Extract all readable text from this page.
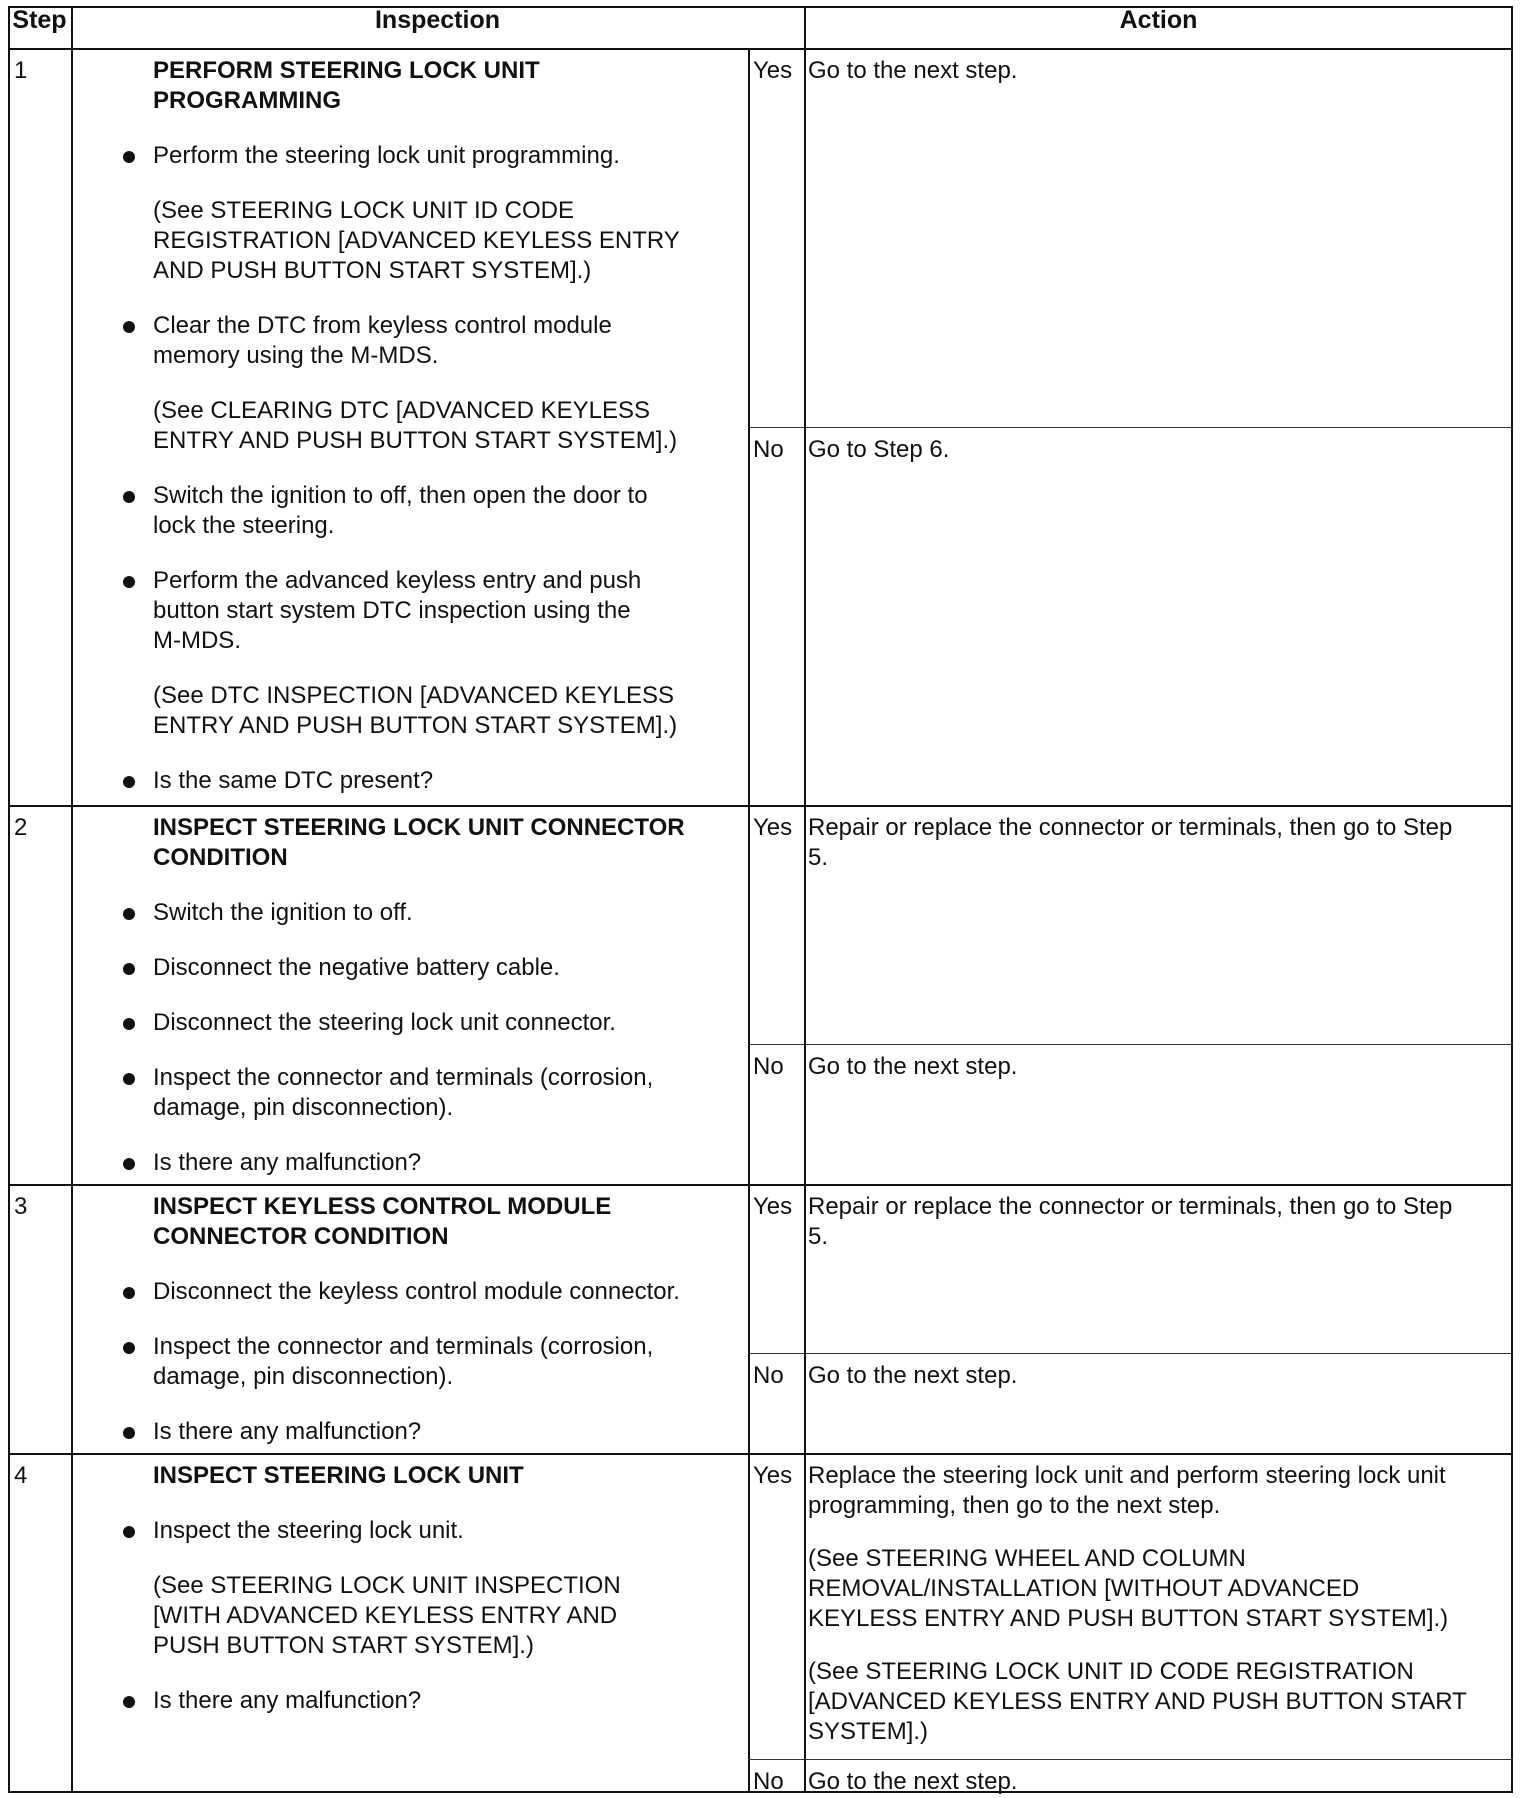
Step	Inspection	Action
1	PERFORM STEERING LOCK UNIT
PROGRAMMING
Perform the steering lock unit programming.
(See STEERING LOCK UNIT ID CODE
REGISTRATION [ADVANCED KEYLESS ENTRY
AND PUSH BUTTON START SYSTEM].)
Clear the DTC from keyless control module
memory using the M-MDS.
(See CLEARING DTC [ADVANCED KEYLESS
ENTRY AND PUSH BUTTON START SYSTEM].)
Switch the ignition to off, then open the door to
lock the steering.
Perform the advanced keyless entry and push
button start system DTC inspection using the
M-MDS.
(See DTC INSPECTION [ADVANCED KEYLESS
ENTRY AND PUSH BUTTON START SYSTEM].)
Is the same DTC present?
Yes Go to the next step.
No Go to Step 6.
2	INSPECT STEERING LOCK UNIT CONNECTOR
CONDITION
Switch the ignition to off.
Disconnect the negative battery cable.
Disconnect the steering lock unit connector.
Inspect the connector and terminals (corrosion,
damage, pin disconnection).
Is there any malfunction?
Yes Repair or replace the connector or terminals, then go to Step
5.
No Go to the next step.
3	INSPECT KEYLESS CONTROL MODULE
CONNECTOR CONDITION
Disconnect the keyless control module connector.
Inspect the connector and terminals (corrosion,
damage, pin disconnection).
Is there any malfunction?
Yes Repair or replace the connector or terminals, then go to Step
5.
No Go to the next step.
4	INSPECT STEERING LOCK UNIT
Inspect the steering lock unit.
(See STEERING LOCK UNIT INSPECTION
[WITH ADVANCED KEYLESS ENTRY AND
PUSH BUTTON START SYSTEM].)
Is there any malfunction?
Yes Replace the steering lock unit and perform steering lock unit
programming, then go to the next step.
(See STEERING WHEEL AND COLUMN
REMOVAL/INSTALLATION [WITHOUT ADVANCED
KEYLESS ENTRY AND PUSH BUTTON START SYSTEM].)
(See STEERING LOCK UNIT ID CODE REGISTRATION
[ADVANCED KEYLESS ENTRY AND PUSH BUTTON START
SYSTEM].)
No Go to the next step.
